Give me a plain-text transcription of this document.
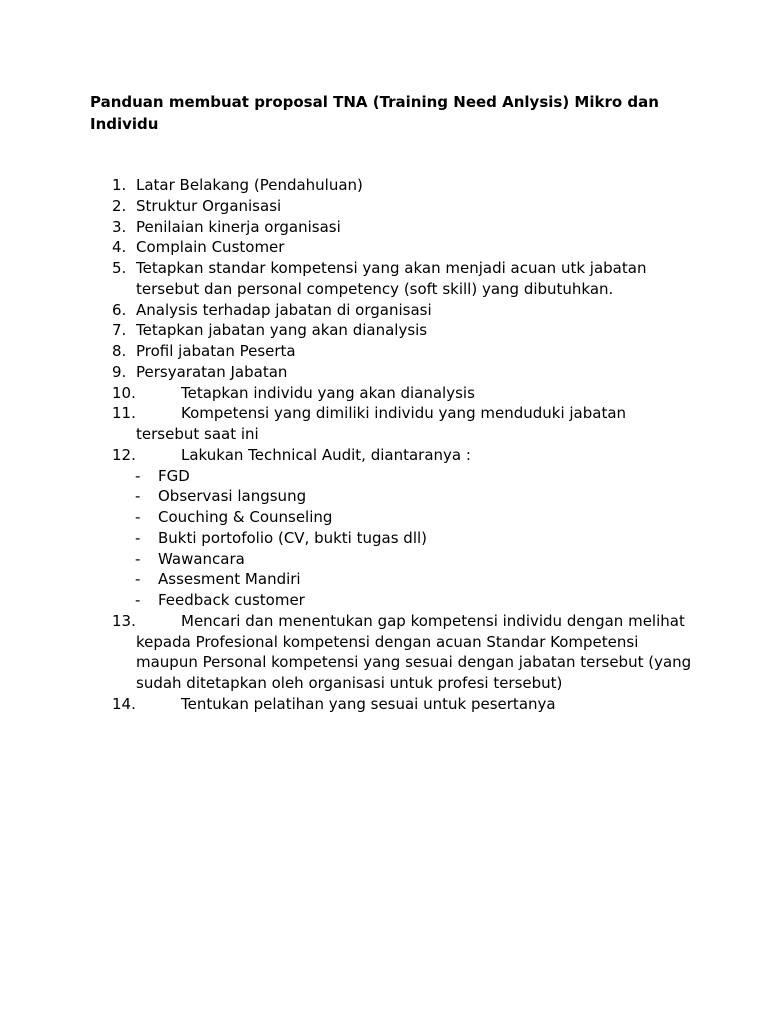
Panduan membuat proposal TNA (Training Need Anlysis) Mikro dan Individu
1. Latar Belakang (Pendahuluan)
2. Struktur Organisasi
3. Penilaian kinerja organisasi
4. Complain Customer
5. Tetapkan standar kompetensi yang akan menjadi acuan utk jabatan tersebut dan personal competency (soft skill) yang dibutuhkan.
6. Analysis terhadap jabatan di organisasi
7. Tetapkan jabatan yang akan dianalysis
8. Profil jabatan Peserta
9. Persyaratan Jabatan
10.	Tetapkan individu yang akan dianalysis
11.	Kompetensi yang dimiliki individu yang menduduki jabatan tersebut saat ini
12.	Lakukan Technical Audit, diantaranya :
- FGD
- Observasi langsung
- Couching & Counseling
- Bukti portofolio (CV, bukti tugas dll)
- Wawancara
- Assesment Mandiri
- Feedback customer
13.	Mencari dan menentukan gap kompetensi individu dengan melihat kepada Profesional kompetensi dengan acuan Standar Kompetensi maupun Personal kompetensi yang sesuai dengan jabatan tersebut (yang sudah ditetapkan oleh organisasi untuk profesi tersebut)
14.	Tentukan pelatihan yang sesuai untuk pesertanya
